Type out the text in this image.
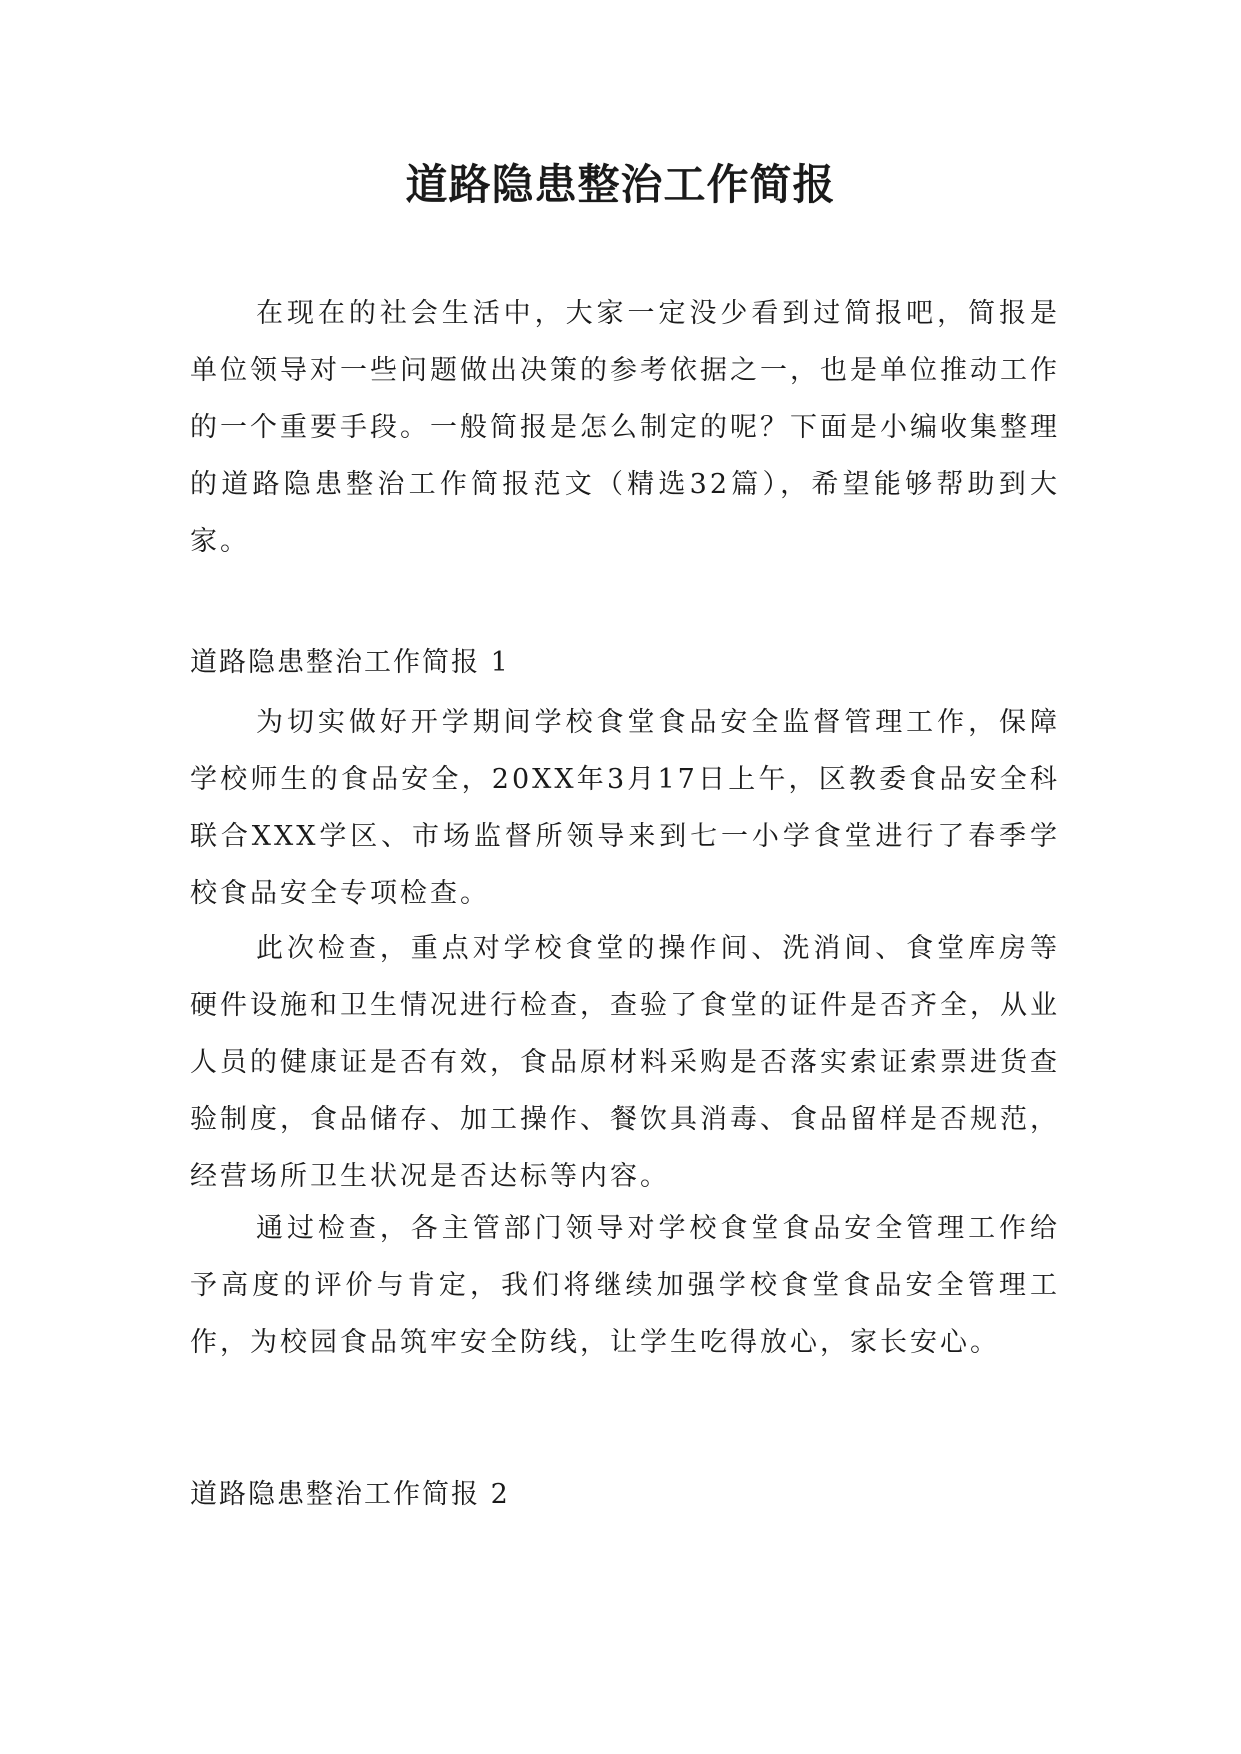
道路隐患整治工作简报

在现在的社会生活中，大家一定没少看到过简报吧，简报是单位领导对一些问题做出决策的参考依据之一，也是单位推动工作的一个重要手段。一般简报是怎么制定的呢？下面是小编收集整理的道路隐患整治工作简报范文（精选32篇），希望能够帮助到大家。

道路隐患整治工作简报 1

为切实做好开学期间学校食堂食品安全监督管理工作，保障学校师生的食品安全，20XX年3月17日上午，区教委食品安全科联合XXX学区、市场监督所领导来到七一小学食堂进行了春季学校食品安全专项检查。

此次检查，重点对学校食堂的操作间、洗消间、食堂库房等硬件设施和卫生情况进行检查，查验了食堂的证件是否齐全，从业人员的健康证是否有效，食品原材料采购是否落实索证索票进货查验制度，食品储存、加工操作、餐饮具消毒、食品留样是否规范，经营场所卫生状况是否达标等内容。

通过检查，各主管部门领导对学校食堂食品安全管理工作给予高度的评价与肯定，我们将继续加强学校食堂食品安全管理工作，为校园食品筑牢安全防线，让学生吃得放心，家长安心。

道路隐患整治工作简报 2
